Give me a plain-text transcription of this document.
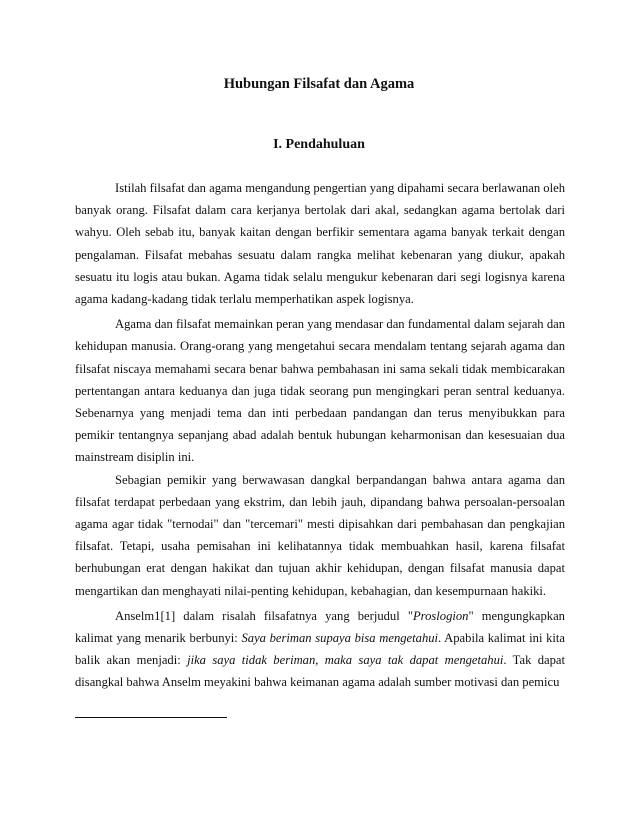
Hubungan Filsafat dan Agama
I. Pendahuluan

Istilah filsafat dan agama mengandung pengertian yang dipahami secara berlawanan oleh banyak orang. Filsafat dalam cara kerjanya bertolak dari akal, sedangkan agama bertolak dari wahyu. Oleh sebab itu, banyak kaitan dengan berfikir sementara agama banyak terkait dengan pengalaman. Filsafat mebahas sesuatu dalam rangka melihat kebenaran yang diukur, apakah sesuatu itu logis atau bukan. Agama tidak selalu mengukur kebenaran dari segi logisnya karena agama kadang-kadang tidak terlalu memperhatikan aspek logisnya.

Agama dan filsafat memainkan peran yang mendasar dan fundamental dalam sejarah dan kehidupan manusia. Orang-orang yang mengetahui secara mendalam tentang sejarah agama dan filsafat niscaya memahami secara benar bahwa pembahasan ini sama sekali tidak membicarakan pertentangan antara keduanya dan juga tidak seorang pun mengingkari peran sentral keduanya. Sebenarnya yang menjadi tema dan inti perbedaan pandangan dan terus menyibukkan para pemikir tentangnya sepanjang abad adalah bentuk hubungan keharmonisan dan kesesuaian dua mainstream disiplin ini.

Sebagian pemikir yang berwawasan dangkal berpandangan bahwa antara agama dan filsafat terdapat perbedaan yang ekstrim, dan lebih jauh, dipandang bahwa persoalan-persoalan agama agar tidak "ternodai" dan "tercemari" mesti dipisahkan dari pembahasan dan pengkajian filsafat. Tetapi, usaha pemisahan ini kelihatannya tidak membuahkan hasil, karena filsafat berhubungan erat dengan hakikat dan tujuan akhir kehidupan, dengan filsafat manusia dapat mengartikan dan menghayati nilai-penting kehidupan, kebahagian, dan kesempurnaan hakiki.

Anselm1[1] dalam risalah filsafatnya yang berjudul "Proslogion" mengungkapkan kalimat yang menarik berbunyi: Saya beriman supaya bisa mengetahui. Apabila kalimat ini kita balik akan menjadi: jika saya tidak beriman, maka saya tak dapat mengetahui. Tak dapat disangkal bahwa Anselm meyakini bahwa keimanan agama adalah sumber motivasi dan pemicu
